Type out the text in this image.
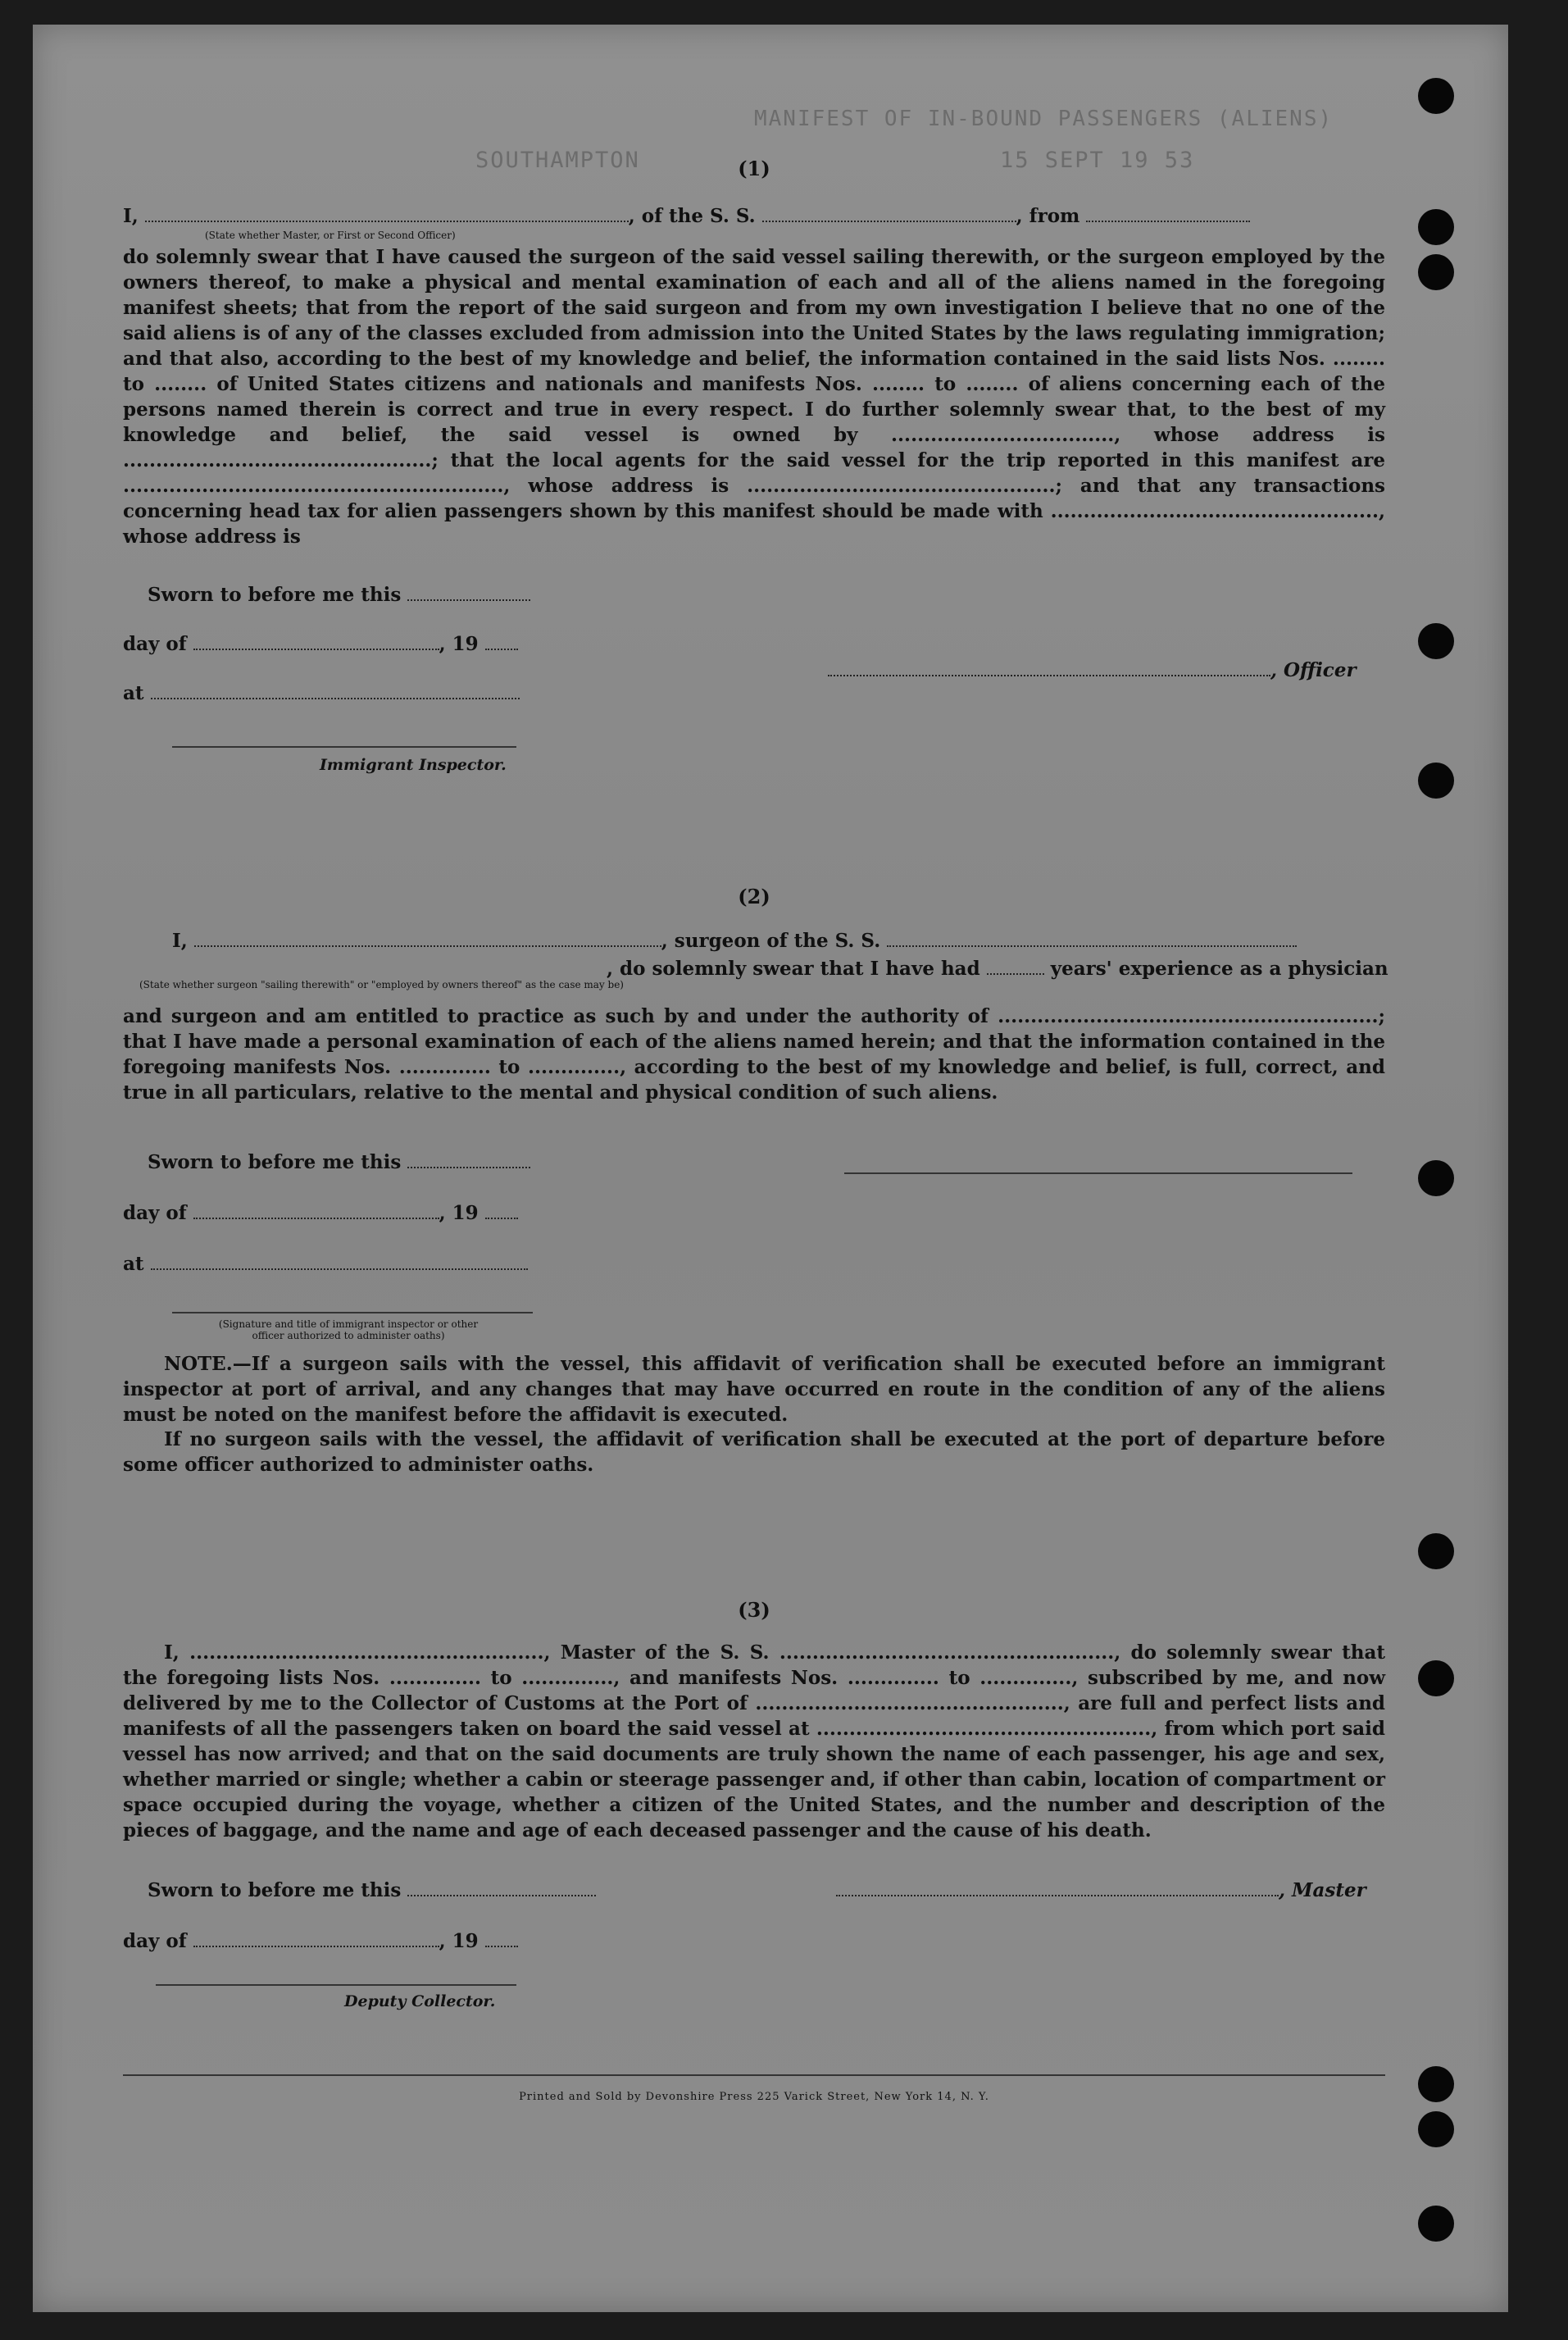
MANIFEST OF IN-BOUND PASSENGERS (ALIENS)
15 SEPT 19 53
SOUTHAMPTON	(1)
I,	, of the S. S.	, from
(State whether Master, or First or Second Officer)
do solemnly swear that I have caused the surgeon of the said vessel sailing therewith, or the surgeon employed by the owners thereof, to make a physical and mental examination of each and all of the aliens named in the foregoing manifest sheets; that from the report of the said surgeon and from my own investigation I believe that no one of the said aliens is of any of the classes excluded from admission into the United States by the laws regulating immigration; and that also, according to the best of my knowledge and belief, the information contained in the said lists Nos. ........ to ........ of United States citizens and nationals and manifests Nos. ........ to ........ of aliens concerning each of the persons named therein is correct and true in every respect. I do further solemnly swear that, to the best of my knowledge and belief, the said vessel is owned by .................................., whose address is ...............................................; that the local agents for the said vessel for the trip reported in this manifest are .........................................................., whose address is ...............................................; and that any transactions concerning head tax for alien passengers shown by this manifest should be made with .................................................., whose address is
Sworn to before me this
day of	, 19
, Officer
at
Immigrant Inspector.
(2)
I,	, surgeon of the S. S.
, do solemnly swear that I have had	years' experience as a physician
(State whether surgeon "sailing therewith" or "employed by owners thereof" as the case may be)
and surgeon and am entitled to practice as such by and under the authority of ..........................................................; that I have made a personal examination of each of the aliens named herein; and that the information contained in the foregoing manifests Nos. .............. to .............., according to the best of my knowledge and belief, is full, correct, and true in all particulars, relative to the mental and physical condition of such aliens.
Sworn to before me this
day of	, 19
at
(Signature and title of immigrant inspector or other officer authorized to administer oaths)
NOTE.—If a surgeon sails with the vessel, this affidavit of verification shall be executed before an immigrant inspector at port of arrival, and any changes that may have occurred en route in the condition of any of the aliens must be noted on the manifest before the affidavit is executed.
If no surgeon sails with the vessel, the affidavit of verification shall be executed at the port of departure before some officer authorized to administer oaths.
(3)
I, ......................................................, Master of the S. S. ..................................................., do solemnly swear that the foregoing lists Nos. .............. to .............., and manifests Nos. .............. to .............., subscribed by me, and now delivered by me to the Collector of Customs at the Port of ..............................................., are full and perfect lists and manifests of all the passengers taken on board the said vessel at ..................................................., from which port said vessel has now arrived; and that on the said documents are truly shown the name of each passenger, his age and sex, whether married or single; whether a cabin or steerage passenger and, if other than cabin, location of compartment or space occupied during the voyage, whether a citizen of the United States, and the number and description of the pieces of baggage, and the name and age of each deceased passenger and the cause of his death.
Sworn to before me this	, Master
day of	, 19
Deputy Collector.
Printed and Sold by Devonshire Press 225 Varick Street, New York 14, N. Y.
